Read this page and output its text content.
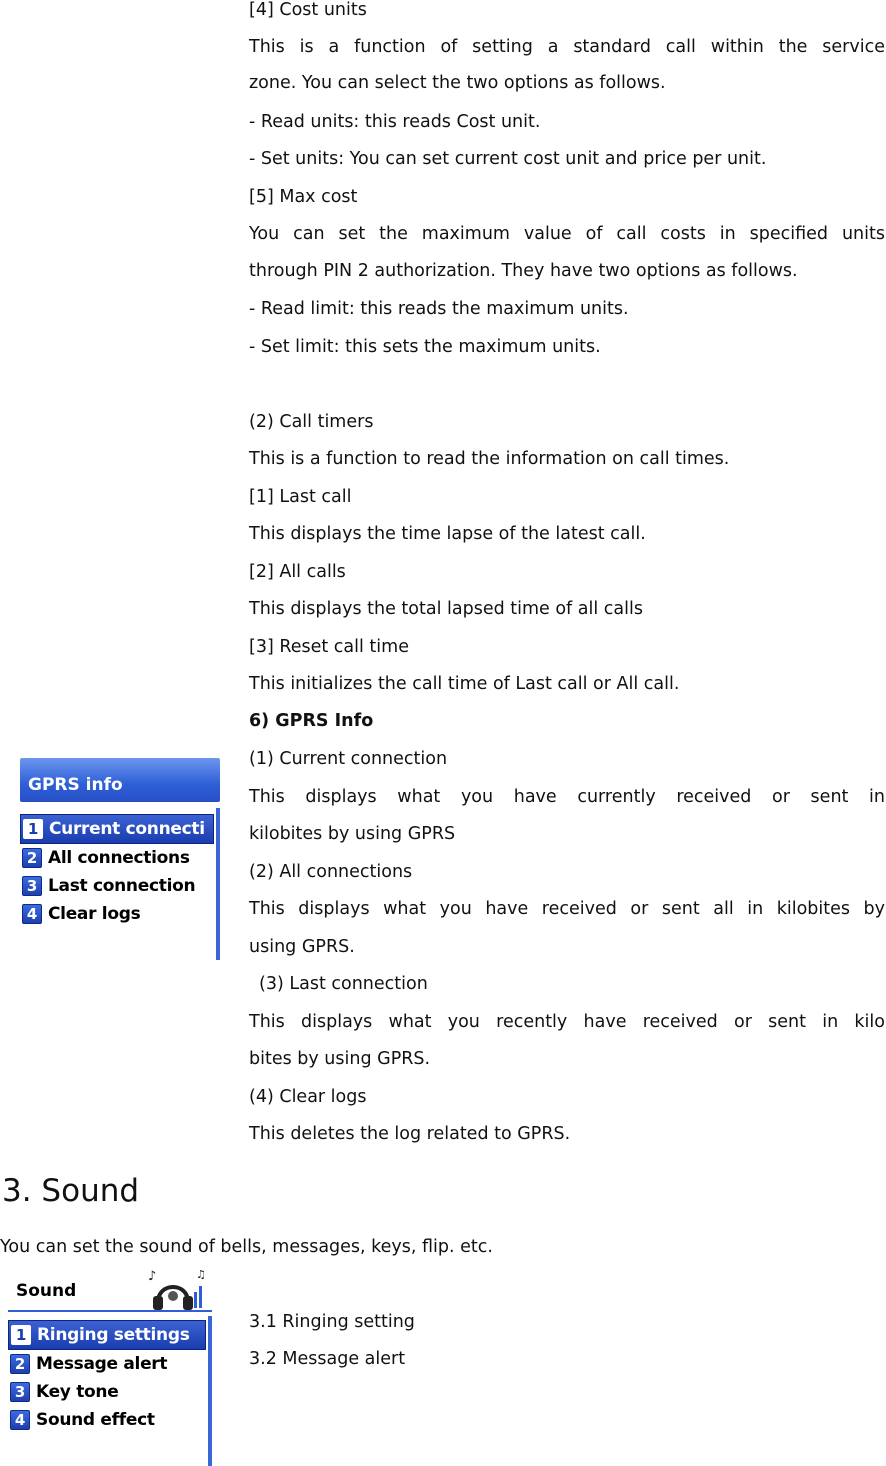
[4] Cost units
This is a function of setting a standard call within the service
zone. You can select the two options as follows.
- Read units: this reads Cost unit.
- Set units: You can set current cost unit and price per unit.
[5] Max cost
You can set the maximum value of call costs in specified units
through PIN 2 authorization. They have two options as follows.
- Read limit: this reads the maximum units.
- Set limit: this sets the maximum units.
(2) Call timers
This is a function to read the information on call times.
[1] Last call
This displays the time lapse of the latest call.
[2] All calls
This displays the total lapsed time of all calls
[3] Reset call time
This initializes the call time of Last call or All call.
6) GPRS Info
(1) Current connection
This displays what you have currently received or sent in
kilobites by using GPRS
(2) All connections
This displays what you have received or sent all in kilobites by
using GPRS.
(3) Last connection
This displays what you recently have received or sent in kilo
bites by using GPRS.
(4) Clear logs
This deletes the log related to GPRS.
GPRS info
1 Current connecti
2 All connections
3 Last connection
4 Clear logs
3. Sound
You can set the sound of bells, messages, keys, flip. etc.
Sound
♪	♫
1 Ringing settings
2 Message alert
3 Key tone
4 Sound effect
3.1 Ringing setting
3.2 Message alert
